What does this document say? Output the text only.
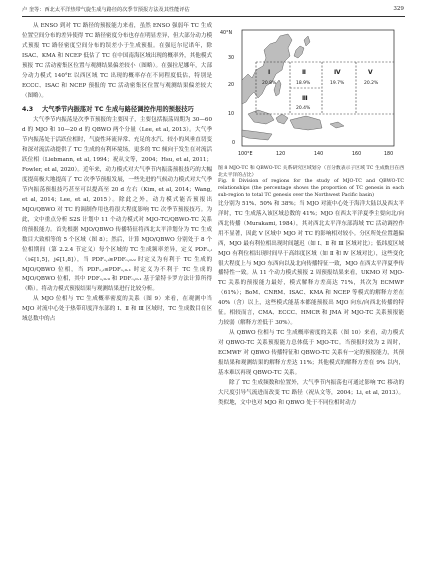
卢 奎等：西北太平洋热带气旋生成与路径的次季节预报方法及其性能评估	329

从 ENSO 到对 TC 路径的预报能力来看，虽然 ENSO 强弱年 TC 生成位置空间分布的差异使得 TC 路径密度分布也存在明显差异，但大部分动力模式预报 TC 路径密度空间分布的误差小于生成预报。在强厄尔尼诺年，除 ISAC、KMA 和 NCEP 低估了 TC 在中国南海区域出现的概率外，其他模式预报 TC 活动密集区位置与观测结果偏差较小（图略）。在强拉尼娜年，大部分动力模式 140°E 以西区域 TC 出现的概率存在不同程度低估，特别是 ECCC、ISAC 和 NCEP 预报的 TC 活动密集区位置与观测结果偏差较大（图略）。

4.3 大气季节内振荡对 TC 生成与路径调控作用的预报技巧

大气季节内振荡是次季节预报的主要因子，主要包括振荡周期为 30—60 d 的 MJO 和 10—20 d 的 QBWO 两个分量（Lee, et al, 2013）。大气季节内振荡处于活跃位相时，气旋性环流异常、充足的水汽、较小的风垂直切变和深对流活动提供了 TC 生成的有利环境场，更多的 TC 倾向于发生在对流活跃位相（Liebmann, et al, 1994；祝从文等，2004；Hsu, et al, 2011；Fowler, et al, 2020）。近年来，动力模式对大气季节内振荡预报技巧的大幅度提高极大地提高了 TC 次季节预报发展，一些先进的气候动力模式对大气季节内振荡预报技巧甚至可以提高至 20 d 左右（Kim, et al, 2014；Wang, et al, 2014；Lee, et al, 2015）。除此之外，动力模式能否预报出 MJO/QBWO 对 TC 的调制作用也将很大程度影响 TC 次季节预报技巧。为此，文中重点分析 S2S 计划中 11 个动力模式对 MJO-TC/QBWO-TC 关系的预报能力。首先根据 MJO/QBWO 传播特征将西北太平洋划分为 TC 生成数目大致相等的 5 个区域（图 8）；然后，计算 MJO/QBWO 分别处于 8 个位相期间（第 2.2.4 节定义）每个区域的 TC 生成频率差异，定义 PDFₒ,ᵢ（i∈[1,5]，j∈[1,8]），当 PDFₒ,ᵢ≥PDFₒ,₀.₉ 时定义为有利于 TC 生成的 MJO/QBWO 位相，当 PDFₒ,ᵢ≤PDFₒ,₀.₁ 时定义为不利于 TC 生成的 MJO/QBWO 位相，其中 PDFₒ,₀.₉ 和 PDFₒ,₀.₁ 基于蒙特卡罗方法计算所得（略）。将动力模式预报结果与观测结果进行比较分析。

从 MJO 位相与 TC 生成概率密度的关系（图 9）来看，在观测中当 MJO 对流中心处于热带印度洋东部的 Ⅰ、Ⅱ 和 Ⅲ 区域时，TC 生成数目在区域总数中的占

40°N
30
20
10
0
100°E	120	140	160	180
Ⅰ	Ⅱ
Ⅲ
Ⅳ	Ⅴ
20.8%	18.9%
20.4%
19.7%	20.2%

图 8 MJO-TC 和 QBWO-TC 关系研究区域划分（百分数表示子区域 TC 生成数目在西北太平洋的占比）

Fig. 8 Division of regions for the study of MJO-TC and QBWO-TC relationships (the percentage shows the proportion of TC genesis in each sub-region to total TC genesis over the Northwest Pacific basin)

比分别为 51%、50% 和 38%；当 MJO 对流中心处于海洋大陆以及西太平洋时，TC 生成落入该区域总数的 41%；MJO 在西太平洋夏季主要向北/向西北传播（Murakami, 1984），其对西北太平洋东部海域 TC 活动调控作用不显著，因此 V 区域中 MJO 对 TC 的影响相对较小。分区所处位置越偏西，MJO 最有利位相出现时间越迟（如 Ⅰ、Ⅱ 和 Ⅲ 区域对比）；低纬度区域 MJO 有利位相出现时间早于高纬度区域（如 Ⅱ 和 Ⅳ 区域对比），这些变化很大程度上与 MJO 东西向以及北向传播特征一致，MJO 在西太平洋夏季传播特性一致。从 11 个动力模式预报 2 周预报结果来看，UKMO 对 MJO-TC 关系的预报能力最好，模式解释方差高达 71%，其次为 ECMWF（61%）；BoM、CNRM、ISAC、KMA 和 NCEP 等模式的解释方差在 40%（含）以上，这些模式能基本都能预报出 MJO 向东/向西北传播的特征。相较而言，CMA、ECCC、HMCR 和 JMA 对 MJO-TC 关系预报能力较弱（解释方差低于 30%）。

从 QBWO 位相与 TC 生成概率密度的关系（图 10）来看，动力模式对 QBWO-TC 关系预报能力总体低于 MJO-TC。当预报时效为 2 周时，ECMWF 对 QBWO 传播特征和 QBWO-TC 关系有一定的预报能力，其预报结果和观测结果的解释方差达 11%；其他模式的解释方差在 9% 以内，基本难以再现 QBWO-TC 关系。

除了 TC 生成频数和位置外，大气季节内振荡也可通过影响 TC 移动的大尺度引导气流进而改变 TC 路径（祝从文等，2004；Li, et al, 2013）。类似地，文中也对 MJO 和 QBWO 处于不同位相时动力
